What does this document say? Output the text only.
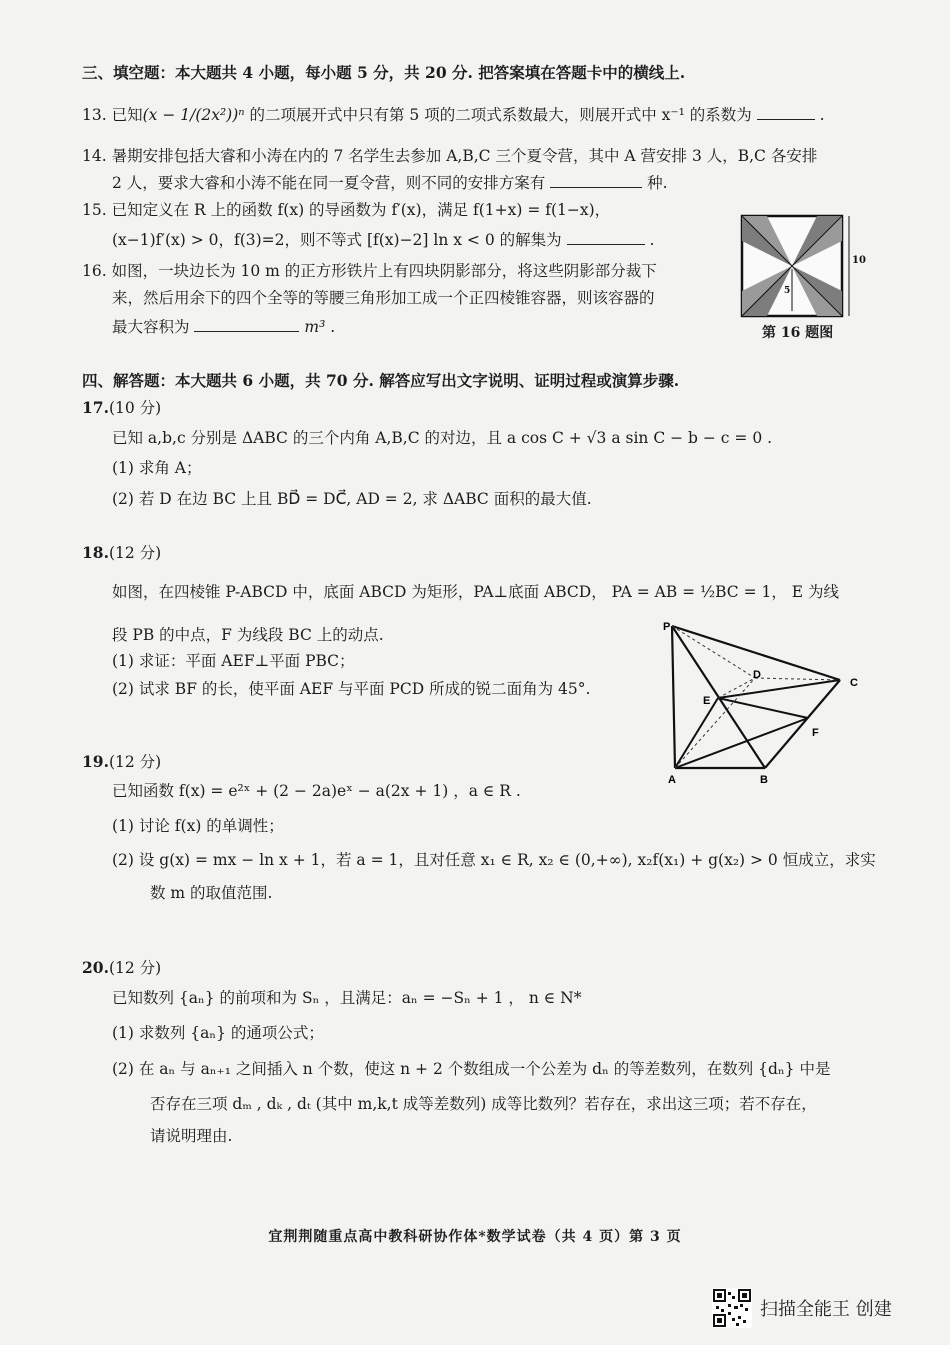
三、填空题：本大题共 4 小题，每小题 5 分，共 20 分. 把答案填在答题卡中的横线上.
13. 已知(x − 1/(2x²))ⁿ 的二项展开式中只有第 5 项的二项式系数最大，则展开式中 x⁻¹ 的系数为	.
14. 暑期安排包括大睿和小涛在内的 7 名学生去参加 A,B,C 三个夏令营，其中 A 营安排 3 人，B,C 各安排
2 人，要求大睿和小涛不能在同一夏令营，则不同的安排方案有	种.
15. 已知定义在 R 上的函数 f(x) 的导函数为 f′(x)，满足 f(1+x) = f(1−x)，
(x−1)f′(x) > 0，f(3)=2，则不等式 [f(x)−2] ln x < 0 的解集为	.
16. 如图，一块边长为 10 m 的正方形铁片上有四块阴影部分，将这些阴影部分裁下
来，然后用余下的四个全等的等腰三角形加工成一个正四棱锥容器，则该容器的
最大容积为	m³ .
5
10
第 16 题图
四、解答题：本大题共 6 小题，共 70 分. 解答应写出文字说明、证明过程或演算步骤.
17.(10 分)
已知 a,b,c 分别是 ΔABC 的三个内角 A,B,C 的对边，且 a cos C + √3 a sin C − b − c = 0 .
(1) 求角 A；
(2) 若 D 在边 BC 上且 BD⃗ = DC⃗, AD = 2, 求 ΔABC 面积的最大值.
18.(12 分)
如图，在四棱锥 P-ABCD 中，底面 ABCD 为矩形，PA⊥底面 ABCD， PA = AB = ½BC = 1， E 为线
段 PB 的中点，F 为线段 BC 上的动点.
(1) 求证：平面 AEF⊥平面 PBC；
(2) 试求 BF 的长，使平面 AEF 与平面 PCD 所成的锐二面角为 45°.
P
A	B
C
D
E
F
19.(12 分)
已知函数 f(x) = e²ˣ + (2 − 2a)eˣ − a(2x + 1) ，a ∈ R .
(1) 讨论 f(x) 的单调性；
(2) 设 g(x) = mx − ln x + 1，若 a = 1，且对任意 x₁ ∈ R, x₂ ∈ (0,+∞), x₂f(x₁) + g(x₂) > 0 恒成立，求实
数 m 的取值范围.
20.(12 分)
已知数列 {aₙ} 的前项和为 Sₙ ，且满足：aₙ = −Sₙ + 1 ， n ∈ N*
(1) 求数列 {aₙ} 的通项公式；
(2) 在 aₙ 与 aₙ₊₁ 之间插入 n 个数，使这 n + 2 个数组成一个公差为 dₙ 的等差数列，在数列 {dₙ} 中是
否存在三项 dₘ , dₖ , dₜ (其中 m,k,t 成等差数列) 成等比数列？若存在，求出这三项；若不存在，
请说明理由.
宜荆荆随重点高中教科研协作体*数学试卷（共 4 页）第 3 页
扫描全能王 创建
